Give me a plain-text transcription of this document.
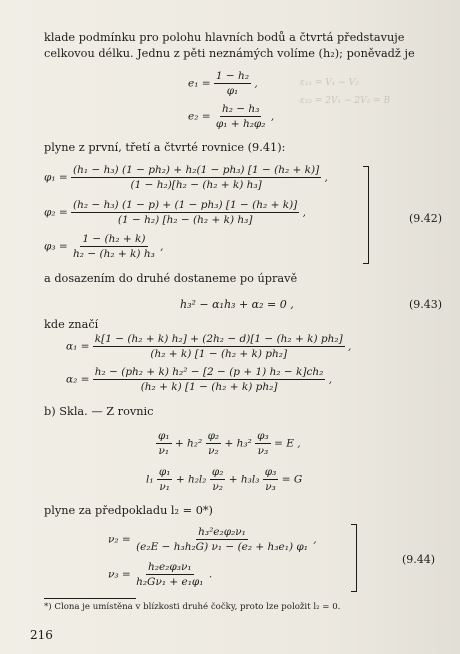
ε₁₁ = V₁ − V₂
ε₂₂ = 2V₁ − 2V₂ = B
klade podmínku pro polohu hlavních bodů a čtvrtá představuje
celkovou délku. Jednu z pěti neznámých volíme (h₂); poněvadž je
$e_1 = \frac{\text{1 − h₂}}{\text{φ₁}}$ ,
$e_2 = \frac{\text{h₂ − h₃}}{\text{φ₁ + h₂φ₂}}$ ,
plyne z první, třetí a čtvrté rovnice (9.41):
$\varphi_1 = \frac{\text{(h₁ − h₃) (1 − ph₂) + h₂(1 − ph₃) [1 − (h₂ + k)]}}{\text{(1 − h₂)[h₂ − (h₂ + k) h₃]}}$ ,
$\varphi_2 = \frac{\text{(h₂ − h₃) (1 − p) + (1 − ph₃) [1 − (h₂ + k)]}}{\text{(1 − h₂) [h₂ − (h₂ + k) h₃]}}$ ,
$\varphi_3 = \frac{\text{1 − (h₂ + k)}}{\text{h₂ − (h₂ + k) h₃}}$ ,
(9.42)
a dosazením do druhé dostaneme po úpravě
h₃² − α₁h₃ + α₂ = 0 ,	(9.43)
kde značí
$\alpha_1 = \frac{\text{k[1 − (h₂ + k) h₂] + (2h₂ − d)[1 − (h₂ + k) ph₂]}}{\text{(h₂ + k) [1 − (h₂ + k) ph₂]}}$ ,
$\alpha_2 = \frac{\text{h₂ − (ph₂ + k) h₂² − [2 − (p + 1) h₂ − k]ch₂}}{\text{(h₂ + k) [1 − (h₂ + k) ph₂]}}$ ,
b) Skla. — Z rovnic
$\frac{\text{φ₁}}{\text{ν₁}} + h_2^2 \frac{\text{φ₂}}{\text{ν₂}} + h_3^2 \frac{\text{φ₃}}{\text{ν₃}} = E$ ,
$l_1 \frac{\text{φ₁}}{\text{ν₁}} + h_2l_2 \frac{\text{φ₂}}{\text{ν₂}} + h_3l_3 \frac{\text{φ₃}}{\text{ν₃}} = G$
plyne za předpokladu l₂ = 0*)
$\nu_2 = \frac{\text{h₃²e₂φ₂ν₁}}{\text{(e₂E − h₃h₂G) ν₁ − (e₂ + h₃e₁) φ₁}}$ ,
$\nu_3 = \frac{\text{h₂e₂φ₃ν₁}}{\text{h₂Gν₁ + e₁φ₁}}$ .
(9.44)
*) Clona je umístěna v blízkosti druhé čočky, proto lze položit l₂ = 0.
216
